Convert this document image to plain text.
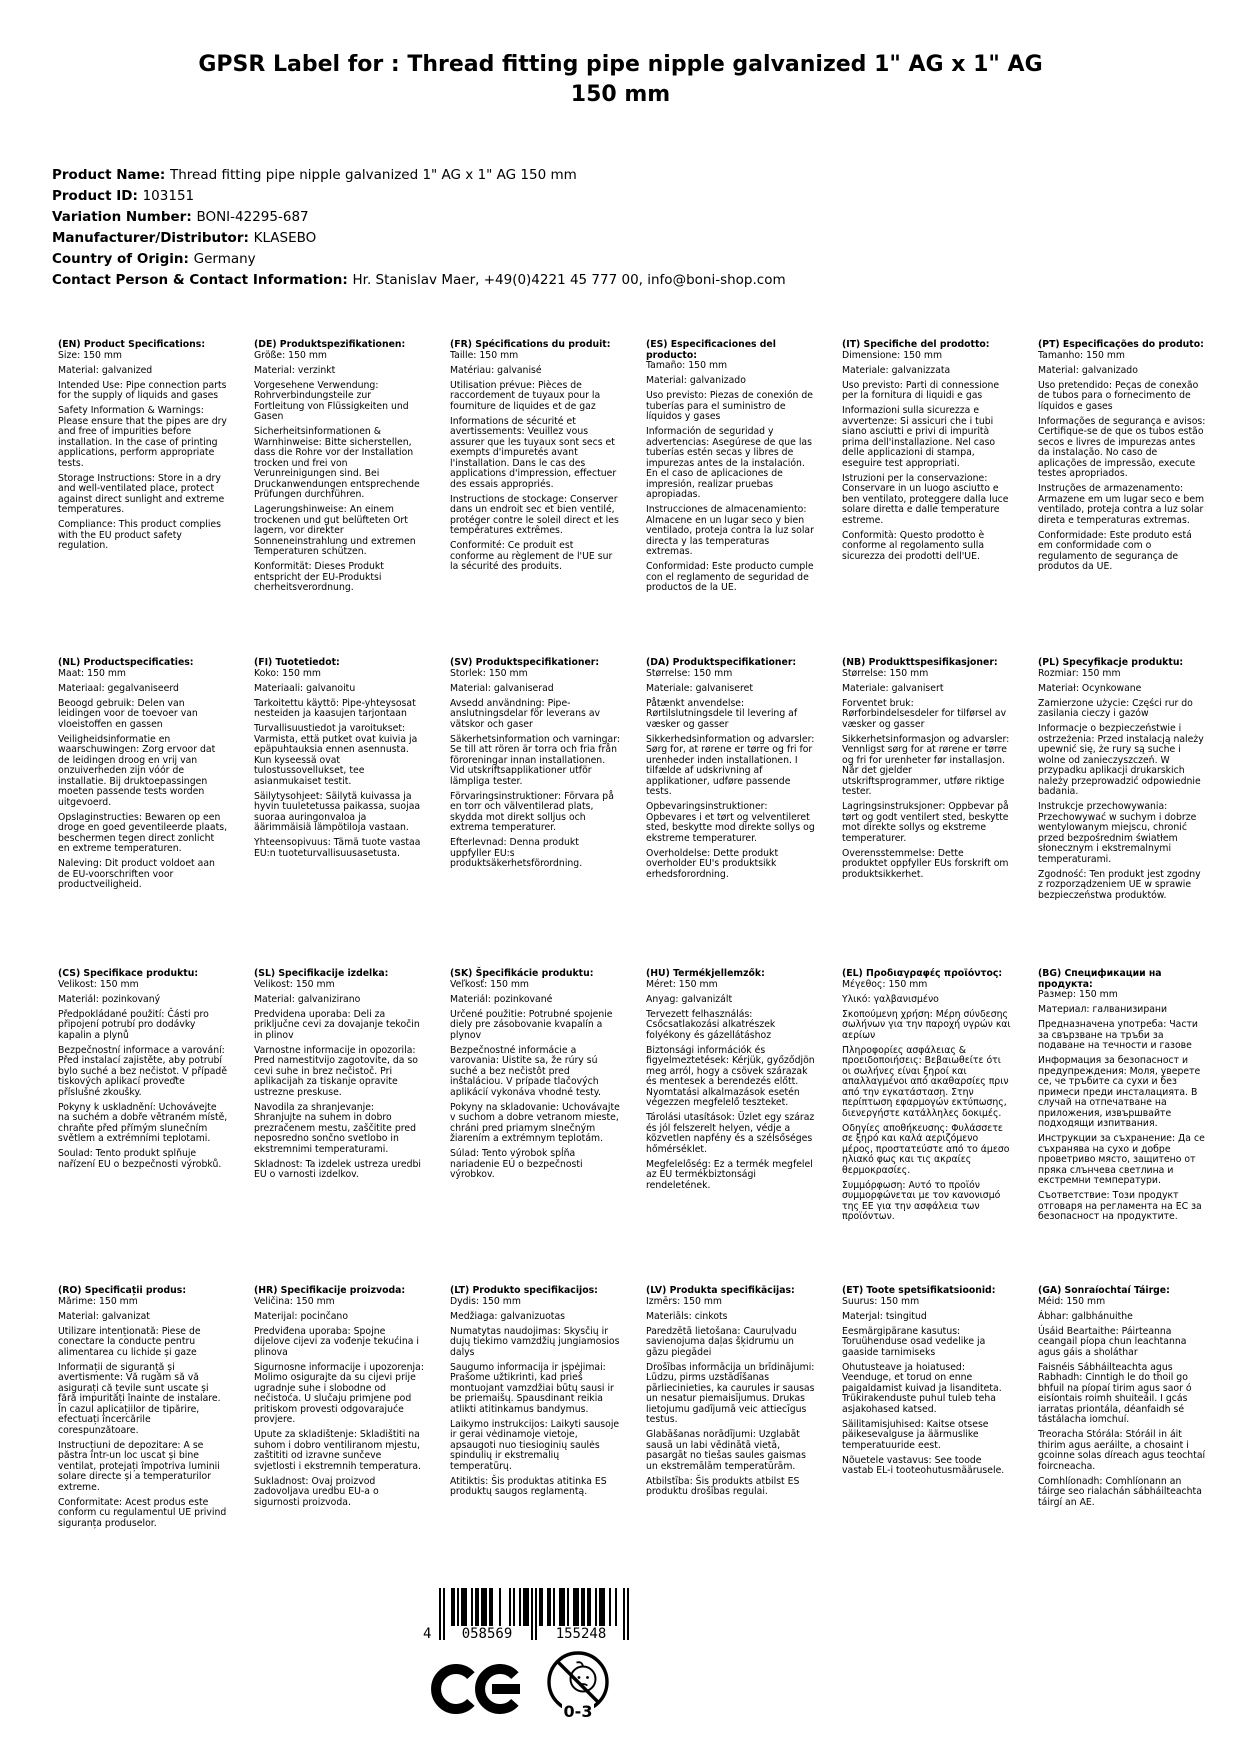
GPSR Label for : Thread fitting pipe nipple galvanized 1" AG x 1" AG 150 mm
Product Name: Thread fitting pipe nipple galvanized 1" AG x 1" AG 150 mm
Product ID: 103151
Variation Number: BONI-42295-687
Manufacturer/Distributor: KLASEBO
Country of Origin: Germany
Contact Person & Contact Information: Hr. Stanislav Maer, +49(0)4221 45 777 00, info@boni-shop.com
(EN) Product Specifications:
Size: 150 mm
Material: galvanized
Intended Use: Pipe connection parts for the supply of liquids and gases
Safety Information & Warnings: Please ensure that the pipes are dry and free of impurities before installation. In the case of printing applications, perform appropriate tests.
Storage Instructions: Store in a dry and well-ventilated place, protect against direct sunlight and extreme temperatures.
Compliance: This product complies with the EU product safety regulation.
(DE) Produktspezifikationen:
Größe: 150 mm
Material: verzinkt
Vorgesehene Verwendung: Rohrverbindungsteile zur Fortleitung von Flüssigkeiten und Gasen
Sicherheitsinformationen & Warnhinweise: Bitte sicherstellen, dass die Rohre vor der Installation trocken und frei von Verunreinigungen sind. Bei Druckanwendungen entsprechende Prüfungen durchführen.
Lagerungshinweise: An einem trockenen und gut belüfteten Ort lagern, vor direkter Sonneneinstrahlung und extremen Temperaturen schützen.
Konformität: Dieses Produkt entspricht der EU-Produktsi cherheitsverordnung.
(FR) Spécifications du produit:
Taille: 150 mm
Matériau: galvanisé
Utilisation prévue: Pièces de raccordement de tuyaux pour la fourniture de liquides et de gaz
Informations de sécurité et avertissements: Veuillez vous assurer que les tuyaux sont secs et exempts d'impuretés avant l'installation. Dans le cas des applications d'impression, effectuer des essais appropriés.
Instructions de stockage: Conserver dans un endroit sec et bien ventilé, protéger contre le soleil direct et les températures extrêmes.
Conformité: Ce produit est conforme au règlement de l'UE sur la sécurité des produits.
(ES) Especificaciones del producto:
Tamaño: 150 mm
Material: galvanizado
Uso previsto: Piezas de conexión de tuberías para el suministro de líquidos y gases
Información de seguridad y advertencias: Asegúrese de que las tuberías estén secas y libres de impurezas antes de la instalación. En el caso de aplicaciones de impresión, realizar pruebas apropiadas.
Instrucciones de almacenamiento: Almacene en un lugar seco y bien ventilado, proteja contra la luz solar directa y las temperaturas extremas.
Conformidad: Este producto cumple con el reglamento de seguridad de productos de la UE.
(IT) Specifiche del prodotto:
Dimensione: 150 mm
Materiale: galvanizzata
Uso previsto: Parti di connessione per la fornitura di liquidi e gas
Informazioni sulla sicurezza e avvertenze: Si assicuri che i tubi siano asciutti e privi di impurità prima dell'installazione. Nel caso delle applicazioni di stampa, eseguire test appropriati.
Istruzioni per la conservazione: Conservare in un luogo asciutto e ben ventilato, proteggere dalla luce solare diretta e dalle temperature estreme.
Conformità: Questo prodotto è conforme al regolamento sulla sicurezza dei prodotti dell'UE.
(PT) Especificações do produto:
Tamanho: 150 mm
Material: galvanizado
Uso pretendido: Peças de conexão de tubos para o fornecimento de líquidos e gases
Informações de segurança e avisos: Certifique-se de que os tubos estão secos e livres de impurezas antes da instalação. No caso de aplicações de impressão, execute testes apropriados.
Instruções de armazenamento: Armazene em um lugar seco e bem ventilado, proteja contra a luz solar direta e temperaturas extremas.
Conformidade: Este produto está em conformidade com o regulamento de segurança de produtos da UE.
(NL) Productspecificaties:
Maat: 150 mm
Materiaal: gegalvaniseerd
Beoogd gebruik: Delen van leidingen voor de toevoer van vloeistoffen en gassen
Veiligheidsinformatie en waarschuwingen: Zorg ervoor dat de leidingen droog en vrij van onzuiverheden zijn vóór de installatie. Bij druktoepassingen moeten passende tests worden uitgevoerd.
Opslaginstructies: Bewaren op een droge en goed geventileerde plaats, beschermen tegen direct zonlicht en extreme temperaturen.
Naleving: Dit product voldoet aan de EU-voorschriften voor productveiligheid.
(FI) Tuotetiedot:
Koko: 150 mm
Materiaali: galvanoitu
Tarkoitettu käyttö: Pipe-yhteysosat nesteiden ja kaasujen tarjontaan
Turvallisuustiedot ja varoitukset: Varmista, että putket ovat kuivia ja epäpuhtauksia ennen asennusta. Kun kyseessä ovat tulostussovellukset, tee asianmukaiset testit.
Säilytysohjeet: Säilytä kuivassa ja hyvin tuuletetussa paikassa, suojaa suoraa auringonvaloa ja äärimmäisiä lämpötiloja vastaan.
Yhteensopivuus: Tämä tuote vastaa EU:n tuoteturvallisuusasetusta.
(SV) Produktspecifikationer:
Storlek: 150 mm
Material: galvaniserad
Avsedd användning: Pipe-anslutningsdelar för leverans av vätskor och gaser
Säkerhetsinformation och varningar: Se till att rören är torra och fria från föroreningar innan installationen. Vid utskriftsapplikationer utför lämpliga tester.
Förvaringsinstruktioner: Förvara på en torr och välventilerad plats, skydda mot direkt solljus och extrema temperaturer.
Efterlevnad: Denna produkt uppfyller EU:s produktsäkerhetsförordning.
(DA) Produktspecifikationer:
Størrelse: 150 mm
Materiale: galvaniseret
Påtænkt anvendelse: Rørtilslutningsdele til levering af væsker og gasser
Sikkerhedsinformation og advarsler: Sørg for, at rørene er tørre og fri for urenheder inden installationen. I tilfælde af udskrivning af applikationer, udføre passende tests.
Opbevaringsinstruktioner: Opbevares i et tørt og velventileret sted, beskytte mod direkte sollys og ekstreme temperaturer.
Overholdelse: Dette produkt overholder EU's produktsikk erhedsforordning.
(NB) Produkttspesifikasjoner:
Størrelse: 150 mm
Materiale: galvanisert
Forventet bruk: Rørforbindelsesdeler for tilførsel av væsker og gasser
Sikkerhetsinformasjon og advarsler: Vennligst sørg for at rørene er tørre og fri for urenheter før installasjon. Når det gjelder utskriftsprogrammer, utføre riktige tester.
Lagringsinstruksjoner: Oppbevar på tørt og godt ventilert sted, beskytte mot direkte sollys og ekstreme temperaturer.
Overensstemmelse: Dette produktet oppfyller EUs forskrift om produktsikkerhet.
(PL) Specyfikacje produktu:
Rozmiar: 150 mm
Materiał: Ocynkowane
Zamierzone użycie: Części rur do zasilania cieczy i gazów
Informacje o bezpieczeństwie i ostrzeżenia: Przed instalacją należy upewnić się, że rury są suche i wolne od zanieczyszczeń. W przypadku aplikacji drukarskich należy przeprowadzić odpowiednie badania.
Instrukcje przechowywania: Przechowywać w suchym i dobrze wentylowanym miejscu, chronić przed bezpośrednim światłem słonecznym i ekstremalnymi temperaturami.
Zgodność: Ten produkt jest zgodny z rozporządzeniem UE w sprawie bezpieczeństwa produktów.
(CS) Specifikace produktu:
Velikost: 150 mm
Materiál: pozinkovaný
Předpokládané použití: Části pro připojení potrubí pro dodávky kapalin a plynů
Bezpečnostní informace a varování: Před instalací zajistěte, aby potrubí bylo suché a bez nečistot. V případě tiskových aplikací proveďte příslušné zkoušky.
Pokyny k uskladnění: Uchovávejte na suchém a dobře větraném místě, chraňte před přímým slunečním světlem a extrémními teplotami.
Soulad: Tento produkt splňuje nařízení EU o bezpečnosti výrobků.
(SL) Specifikacije izdelka:
Velikost: 150 mm
Material: galvanizirano
Predvidena uporaba: Deli za priključne cevi za dovajanje tekočin in plinov
Varnostne informacije in opozorila: Pred namestitvijo zagotovite, da so cevi suhe in brez nečistoč. Pri aplikacijah za tiskanje opravite ustrezne preskuse.
Navodila za shranjevanje: Shranjujte na suhem in dobro prezračenem mestu, zaščitite pred neposredno sončno svetlobo in ekstremnimi temperaturami.
Skladnost: Ta izdelek ustreza uredbi EU o varnosti izdelkov.
(SK) Špecifikácie produktu:
Veľkosť: 150 mm
Materiál: pozinkované
Určené použitie: Potrubné spojenie diely pre zásobovanie kvapalín a plynov
Bezpečnostné informácie a varovania: Uistite sa, že rúry sú suché a bez nečistôt pred inštaláciou. V prípade tlačových aplikácií vykonáva vhodné testy.
Pokyny na skladovanie: Uchovávajte v suchom a dobre vetranom mieste, chráni pred priamym slnečným žiarením a extrémnym teplotám.
Súlad: Tento výrobok spĺňa nariadenie EÚ o bezpečnosti výrobkov.
(HU) Termékjellemzők:
Méret: 150 mm
Anyag: galvanizált
Tervezett felhasználás: Csőcsatlakozási alkatrészek folyékony és gázellátáshoz
Biztonsági információk és figyelmeztetések: Kérjük, győződjön meg arról, hogy a csövek szárazak és mentesek a berendezés előtt. Nyomtatási alkalmazások esetén végezzen megfelelő teszteket.
Tárolási utasítások: Üzlet egy száraz és jól felszerelt helyen, védje a közvetlen napfény és a szélsőséges hőmérséklet.
Megfelelőség: Ez a termék megfelel az EU termékbiztonsági rendeletének.
(EL) Προδιαγραφές προϊόντος:
Μέγεθος: 150 mm
Υλικό: γαλβανισμένο
Σκοπούμενη χρήση: Μέρη σύνδεσης σωλήνων για την παροχή υγρών και αερίων
Πληροφορίες ασφάλειας & προειδοποιήσεις: Βεβαιωθείτε ότι οι σωλήνες είναι ξηροί και απαλλαγμένοι από ακαθαρσίες πριν από την εγκατάσταση. Στην περίπτωση εφαρμογών εκτύπωσης, διενεργήστε κατάλληλες δοκιμές.
Οδηγίες αποθήκευσης: Φυλάσσετε σε ξηρό και καλά αεριζόμενο μέρος, προστατεύστε από το άμεσο ηλιακό φως και τις ακραίες θερμοκρασίες.
Συμμόρφωση: Αυτό το προϊόν συμμορφώνεται με τον κανονισμό της ΕΕ για την ασφάλεια των προϊόντων.
(BG) Спецификации на продукта:
Размер: 150 mm
Материал: галванизирани
Предназначена употреба: Части за свързване на тръби за подаване на течности и газове
Информация за безопасност и предупреждения: Моля, уверете се, че тръбите са сухи и без примеси преди инсталацията. В случай на отпечатване на приложения, извършвайте подходящи изпитвания.
Инструкции за съхранение: Да се съхранява на сухо и добре проветриво място, защитено от пряка слънчева светлина и екстремни температури.
Съответствие: Този продукт отговаря на регламента на ЕС за безопасност на продуктите.
(RO) Specificații produs:
Mărime: 150 mm
Material: galvanizat
Utilizare intenționată: Piese de conectare la conducte pentru alimentarea cu lichide și gaze
Informații de siguranță și avertismente: Vă rugăm să vă asigurați că țevile sunt uscate și fără impurități înainte de instalare. În cazul aplicațiilor de tipărire, efectuați încercările corespunzătoare.
Instrucțiuni de depozitare: A se păstra într-un loc uscat și bine ventilat, protejați împotriva luminii solare directe și a temperaturilor extreme.
Conformitate: Acest produs este conform cu regulamentul UE privind siguranța produselor.
(HR) Specifikacije proizvoda:
Veličina: 150 mm
Materijal: pocinčano
Predviđena uporaba: Spojne dijelove cijevi za vođenje tekućina i plinova
Sigurnosne informacije i upozorenja: Molimo osigurajte da su cijevi prije ugradnje suhe i slobodne od nečistoća. U slučaju primjene pod pritiskom provesti odgovarajuće provjere.
Upute za skladištenje: Skladištiti na suhom i dobro ventiliranom mjestu, zaštititi od izravne sunčeve svjetlosti i ekstremnih temperatura.
Sukladnost: Ovaj proizvod zadovoljava uredbu EU-a o sigurnosti proizvoda.
(LT) Produkto specifikacijos:
Dydis: 150 mm
Medžiaga: galvanizuotas
Numatytas naudojimas: Skysčių ir dujų tiekimo vamzdžių jungiamosios dalys
Saugumo informacija ir įspėjimai: Prašome užtikrinti, kad prieš montuojant vamzdžiai būtų sausi ir be priemaišų. Spausdinant reikia atlikti atitinkamus bandymus.
Laikymo instrukcijos: Laikyti sausoje ir gerai vėdinamoje vietoje, apsaugoti nuo tiesioginių saulės spindulių ir ekstremalių temperatūrų.
Atitiktis: Šis produktas atitinka ES produktų saugos reglamentą.
(LV) Produkta specifikācijas:
Izmērs: 150 mm
Materiāls: cinkots
Paredzētā lietošana: Cauruļvadu savienojuma daļas šķidrumu un gāzu piegādei
Drošības informācija un brīdinājumi: Lūdzu, pirms uzstādīšanas pārliecinieties, ka caurules ir sausas un nesatur piemaisījumus. Drukas lietojumu gadījumā veic attiecīgus testus.
Glabāšanas norādījumi: Uzglabāt sausā un labi vēdinātā vietā, pasargāt no tiešas saules gaismas un ekstremālām temperatūrām.
Atbilstība: Šis produkts atbilst ES produktu drošības regulai.
(ET) Toote spetsifikatsioonid:
Suurus: 150 mm
Materjal: tsingitud
Eesmärgipärane kasutus: Toruühenduse osad vedelike ja gaaside tarnimiseks
Ohutusteave ja hoiatused: Veenduge, et torud on enne paigaldamist kuivad ja lisanditeta. Trükirakenduste puhul tuleb teha asjakohased katsed.
Säilitamisjuhised: Kaitse otsese päikesevalguse ja äärmuslike temperatuuride eest.
Nõuetele vastavus: See toode vastab EL-i tooteohutusmäärusele.
(GA) Sonraíochtaí Táirge:
Méid: 150 mm
Ábhar: galbhánuithe
Úsáid Beartaithe: Páirteanna ceangail píopa chun leachtanna agus gáis a sholáthar
Faisnéis Sábháilteachta agus Rabhadh: Cinntigh le do thoil go bhfuil na píopaí tirim agus saor ó eisíontais roimh shuiteáil. I gcás iarratas priontála, déanfaidh sé tástálacha iomchuí.
Treoracha Stórála: Stóráil in áit thirim agus aeráilte, a chosaint i gcoinne solas díreach agus teochtaí foircneacha.
Comhlíonadh: Comhlíonann an táirge seo rialachán sábháilteachta táirgí an AE.
4	058569	155248
0-3
